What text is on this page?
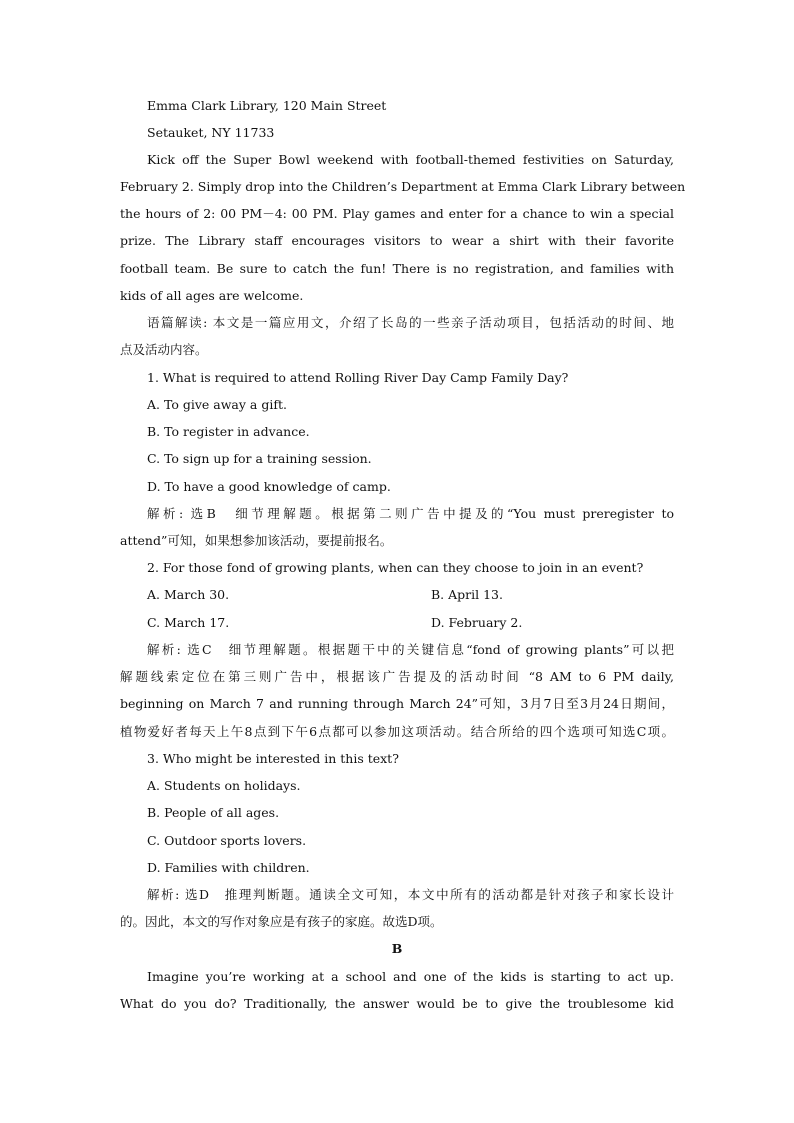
Emma Clark Library, 120 Main Street
Setauket, NY 11733
Kick off the Super Bowl weekend with football-themed festivities on Saturday,
February 2. Simply drop into the Children’s Department at Emma Clark Library between
the hours of 2: 00 PM－4: 00 PM. Play games and enter for a chance to win a special
prize. The Library staff encourages visitors to wear a shirt with their favorite
football team. Be sure to catch the fun! There is no registration, and families with
kids of all ages are welcome.
语篇解读: 本文是一篇应用文，介绍了长岛的一些亲子活动项目，包括活动的时间、地
点及活动内容。
1. What is required to attend Rolling River Day Camp Family Day?
A. To give away a gift.
B. To register in advance.
C. To sign up for a training session.
D. To have a good knowledge of camp.
解析: 选B　细节理解题。根据第二则广告中提及的“You must preregister to
attend”可知，如果想参加该活动，要提前报名。
2. For those fond of growing plants, when can they choose to join in an event?
A. March 30.	B. April 13.
C. March 17.	D. February 2.
解析: 选C　细节理解题。根据题干中的关键信息“fond of growing plants”可以把
解题线索定位在第三则广告中，根据该广告提及的活动时间 “8 AM to 6 PM daily,
beginning on March 7 and running through March 24”可知，3月7日至3月24日期间，
植物爱好者每天上午8点到下午6点都可以参加这项活动。结合所给的四个选项可知选C项。
3. Who might be interested in this text?
A. Students on holidays.
B. People of all ages.
C. Outdoor sports lovers.
D. Families with children.
解析: 选D　推理判断题。通读全文可知，本文中所有的活动都是针对孩子和家长设计
的。因此，本文的写作对象应是有孩子的家庭。故选D项。
B
Imagine you’re working at a school and one of the kids is starting to act up.
What do you do? Traditionally, the answer would be to give the troublesome kid
